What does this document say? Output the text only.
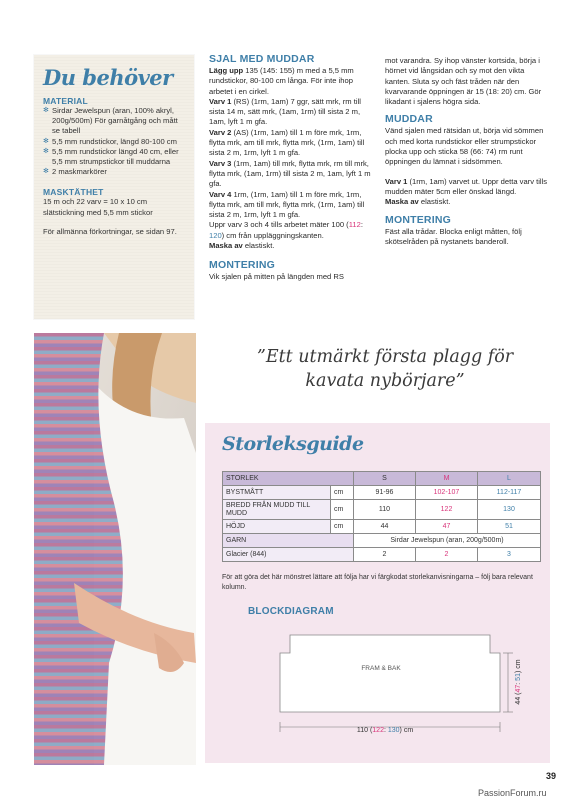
Du behöver
MATERIAL
✻ Sirdar Jewelspun (aran, 100% akryl, 200g/500m) För garnåtgång och mått se tabell
✻ 5,5 mm rundstickor, längd 80-100 cm
✻ 5,5 mm rundstickor längd 40 cm, eller 5,5 mm strumpstickor till muddarna
✻ 2 maskmarkörer
MASKTÄTHET
15 m och 22 varv = 10 x 10 cm slätstickning med 5,5 mm stickor
För allmänna förkortningar, se sidan 97.
SJAL MED MUDDAR

Lägg upp 135 (145: 155) m med a 5,5 mm rundstickor, 80-100 cm långa. För inte ihop arbetet i en cirkel.

Varv 1 (RS) (1rm, 1am) 7 ggr, sätt mrk, rm till sista 14 m, sätt mrk, (1am, 1rm) till sista 2 m, 1am, lyft 1 m gfa.

Varv 2 (AS) (1rm, 1am) till 1 m före mrk, 1rm, flytta mrk, am till mrk, flytta mrk, (1rm, 1am) till sista 2 m, 1rm, lyft 1 m gfa.

Varv 3 (1rm, 1am) till mrk, flytta mrk, rm till mrk, flytta mrk, (1am, 1rm) till sista 2 m, 1am, lyft 1 m gfa.

Varv 4 1rm, (1rm, 1am) till 1 m före mrk, 1rm, flytta mrk, am till mrk, flytta mrk, (1rm, 1am) till sista 2 m, 1rm, lyft 1 m gfa.

Uppr varv 3 och 4 tills arbetet mäter 100 (112: 120) cm från uppläggningskanten.

Maska av elastiskt.

MONTERING

Vik sjalen på mitten på längden med RS

mot varandra. Sy ihop vänster kortsida, börja i hörnet vid långsidan och sy mot den vikta kanten. Sluta sy och fäst tråden när den kvarvarande öppningen är 15 (18: 20) cm. Gör likadant i sjalens högra sida.

MUDDAR

Vänd sjalen med rätsidan ut, börja vid sömmen och med korta rundstickor eller strumpstickor plocka upp och sticka 58 (66: 74) rm runt öppningen du lämnat i sidsömmen.

Varv 1 (1rm, 1am) varvet ut. Uppr detta varv tills mudden mäter 5cm eller önskad längd.

Maska av elastiskt.

MONTERING

Fäst alla trådar. Blocka enligt måtten, följ skötselråden på nystanets banderoll.

”Ett utmärkt första plagg för
kavata nybörjare”
Storleksguide
STORLEK		S	M	L
BYSTMÅTT	cm	91-96	102-107	112-117
BREDD FRÅN MUDD TILL MUDD	cm	110	122	130
HÖJD	cm	44	47	51
GARN		Sirdar Jewelspun (aran, 200g/500m)		
Glacier (844)		2	2	3
För att göra det här mönstret lättare att följa har vi färgkodat storlekanvisningarna – följ bara relevant kolumn.
BLOCKDIAGRAM
FRAM & BAK
110 (122: 130) cm
44 (47: 51) cm
39
PassionForum.ru
